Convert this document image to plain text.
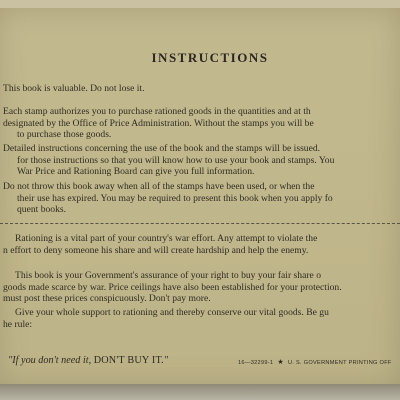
INSTRUCTIONS
This book is valuable. Do not lose it.
Each stamp authorizes you to purchase rationed goods in the quantities and at th
designated by the Office of Price Administration. Without the stamps you will be
to purchase those goods.
Detailed instructions concerning the use of the book and the stamps will be issued.
for those instructions so that you will know how to use your book and stamps. You
War Price and Rationing Board can give you full information.
Do not throw this book away when all of the stamps have been used, or when the
their use has expired. You may be required to present this book when you apply fo
quent books.
Rationing is a vital part of your country's war effort. Any attempt to violate the
n effort to deny someone his share and will create hardship and help the enemy.
This book is your Government's assurance of your right to buy your fair share o
goods made scarce by war. Price ceilings have also been established for your protection.
must post these prices conspicuously. Don't pay more.
Give your whole support to rationing and thereby conserve our vital goods. Be gu
he rule:
"If you don't need it, DON'T BUY IT."	16—32299-1 ★ U. S. GOVERNMENT PRINTING OFF
